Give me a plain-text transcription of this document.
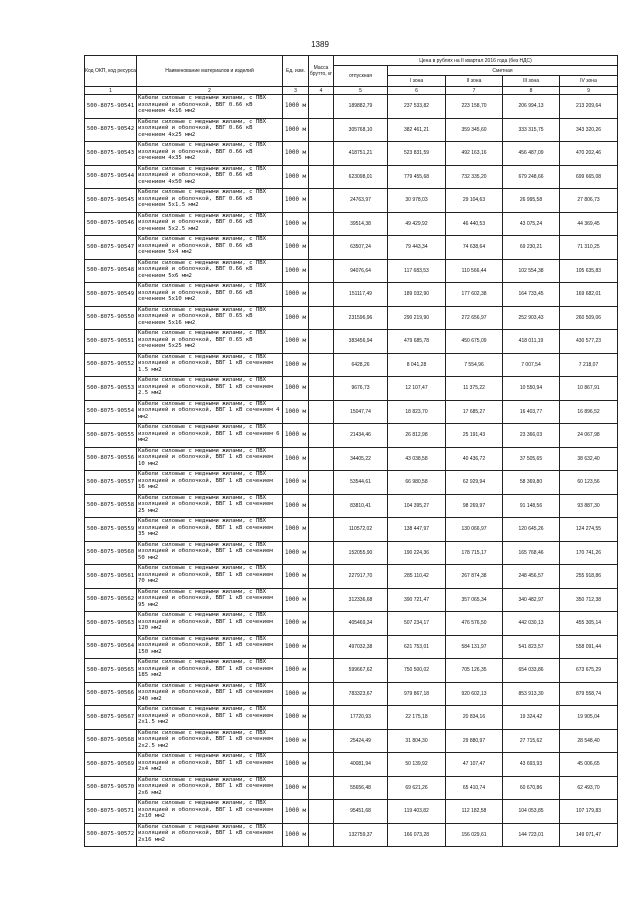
1389
Код ОКП, код ресурса	Наименование материалов и изделий	Ед. изм.	Масса брутто, кг	Цена в рублях на II квартал 2016 года (без НДС)				
				отпускная	Сметная			
					I зона	II зона	III зона	IV зона
1	2	3	4	5	6	7	8	9
500-8075-90541	Кабели силовые с медными жилами, с ПВХ изоляцией и оболочкой, ВВГ 0.66 кВ сечением 4х16 мм2	1000 м		189882,79	237 533,82	223 158,70	206 994,13	213 209,64
500-8075-90542	Кабели силовые с медными жилами, с ПВХ изоляцией и оболочкой, ВВГ 0.66 кВ сечением 4х25 мм2	1000 м		305768,10	382 461,21	359 345,60	333 315,75	343 320,26
500-8075-90543	Кабели силовые с медными жилами, с ПВХ изоляцией и оболочкой, ВВГ 0.66 кВ сечением 4х35 мм2	1000 м		418751,21	523 831,59	492 163,16	456 487,09	470 202,46
500-8075-90544	Кабели силовые с медными жилами, с ПВХ изоляцией и оболочкой, ВВГ 0.66 кВ сечением 4х50 мм2	1000 м		623098,01	779 455,68	732 335,20	679 248,66	699 665,08
500-8075-90545	Кабели силовые с медными жилами, с ПВХ изоляцией и оболочкой, ВВГ 0.66 кВ сечением 5х1.5 мм2	1000 м		24763,97	30 978,03	29 104,63	26 995,58	27 806,73
500-8075-90546	Кабели силовые с медными жилами, с ПВХ изоляцией и оболочкой, ВВГ 0.66 кВ сечением 5х2.5 мм2	1000 м		39514,38	49 429,92	46 440,53	43 075,24	44 369,45
500-8075-90547	Кабели силовые с медными жилами, с ПВХ изоляцией и оболочкой, ВВГ 0.66 кВ сечением 5х4 мм2	1000 м		63507,24	79 443,34	74 638,64	69 230,21	71 310,25
500-8075-90548	Кабели силовые с медными жилами, с ПВХ изоляцией и оболочкой, ВВГ 0.66 кВ сечением 5х6 мм2	1000 м		94076,64	117 683,53	110 566,44	102 554,38	105 635,83
500-8075-90549	Кабели силовые с медными жилами, с ПВХ изоляцией и оболочкой, ВВГ 0.66 кВ сечением 5х10 мм2	1000 м		151117,49	189 032,90	177 602,38	164 733,45	169 682,01
500-8075-90550	Кабели силовые с медными жилами, с ПВХ изоляцией и оболочкой, ВВГ 0.65 кВ сечением 5х16 мм2	1000 м		231596,96	290 219,90	272 656,97	252 903,43	260 509,06
500-8075-90551	Кабели силовые с медными жилами, с ПВХ изоляцией и оболочкой, ВВГ 0.65 кВ сечением 5х25 мм2	1000 м		383456,94	479 685,78	450 675,09	418 011,19	430 577,23
500-8075-90552	Кабели силовые с медными жилами, с ПВХ изоляцией и оболочкой, ВВГ 1 кВ сечением 1.5 мм2	1000 м		6428,26	8 041,28	7 554,96	7 007,54	7 218,07
500-8075-90553	Кабели силовые с медными жилами, с ПВХ изоляцией и оболочкой, ВВГ 1 кВ сечением 2.5 мм2	1000 м		9676,73	12 107,47	11 375,22	10 550,94	10 867,91
500-8075-90554	Кабели силовые с медными жилами, с ПВХ изоляцией и оболочкой, ВВГ 1 кВ сечением 4 мм2	1000 м		15047,74	18 823,70	17 685,27	16 403,77	16 896,52
500-8075-90555	Кабели силовые с медными жилами, с ПВХ изоляцией и оболочкой, ВВГ 1 кВ сечением 6 мм2	1000 м		21434,46	26 812,98	25 191,43	23 366,03	24 067,98
500-8075-90556	Кабели силовые с медными жилами, с ПВХ изоляцией и оболочкой, ВВГ 1 кВ сечением 10 мм2	1000 м		34405,22	43 038,58	40 436,72	37 505,65	38 632,40
500-8075-90557	Кабели силовые с медными жилами, с ПВХ изоляцией и оболочкой, ВВГ 1 кВ сечением 16 мм2	1000 м		53544,61	66 980,58	62 929,94	58 369,80	60 123,56
500-8075-90558	Кабели силовые с медными жилами, с ПВХ изоляцией и оболочкой, ВВГ 1 кВ сечением 25 мм2	1000 м		83810,41	104 395,27	98 269,97	91 148,56	93 887,30
500-8075-90559	Кабели силовые с медными жилами, с ПВХ изоляцией и оболочкой, ВВГ 1 кВ сечением 35 мм2	1000 м		110572,02	138 447,97	130 066,97	120 645,26	124 274,55
500-8075-90560	Кабели силовые с медными жилами, с ПВХ изоляцией и оболочкой, ВВГ 1 кВ сечением 50 мм2	1000 м		152055,90	190 224,36	178 715,17	165 768,46	170 741,26
500-8075-90561	Кабели силовые с медными жилами, с ПВХ изоляцией и оболочкой, ВВГ 1 кВ сечением 70 мм2	1000 м		227917,70	285 110,42	267 874,38	248 456,57	255 918,86
500-8075-90562	Кабели силовые с медными жилами, с ПВХ изоляцией и оболочкой, ВВГ 1 кВ сечением 95 мм2	1000 м		312336,68	390 721,47	357 065,34	340 482,97	350 712,38
500-8075-90563	Кабели силовые с медными жилами, с ПВХ изоляцией и оболочкой, ВВГ 1 кВ сечением 120 мм2	1000 м		405469,34	507 234,17	476 576,50	442 030,13	455 305,14
500-8075-90564	Кабели силовые с медными жилами, с ПВХ изоляцией и оболочкой, ВВГ 1 кВ сечением 150 мм2	1000 м		497032,38	621 753,01	584 131,97	541 823,57	558 091,44
500-8075-90565	Кабели силовые с медными жилами, с ПВХ изоляцией и оболочкой, ВВГ 1 кВ сечением 185 мм2	1000 м		599667,62	750 500,02	705 126,35	654 033,86	673 675,29
500-8075-90566	Кабели силовые с медными жилами, с ПВХ изоляцией и оболочкой, ВВГ 1 кВ сечением 240 мм2	1000 м		783323,67	979 867,18	920 602,13	853 913,30	879 558,74
500-8075-90567	Кабели силовые с медными жилами, с ПВХ изоляцией и оболочкой, ВВГ 1 кВ сечением 2х1.5 мм2	1000 м		17720,93	22 175,18	20 834,16	19 324,42	19 905,04
500-8075-90568	Кабели силовые с медными жилами, с ПВХ изоляцией и оболочкой, ВВГ 1 кВ сечением 2х2.5 мм2	1000 м		25424,49	31 804,30	29 880,97	27 715,62	28 548,40
500-8075-90569	Кабели силовые с медными жилами, с ПВХ изоляцией и оболочкой, ВВГ 1 кВ сечением 2х4 мм2	1000 м		40081,94	50 139,92	47 107,47	43 693,93	45 006,65
500-8075-90570	Кабели силовые с медными жилами, с ПВХ изоляцией и оболочкой, ВВГ 1 кВ сечением 2х6 мм2	1000 м		55656,48	69 621,26	65 410,74	60 670,86	62 493,70
500-8075-90571	Кабели силовые с медными жилами, с ПВХ изоляцией и оболочкой, ВВГ 1 кВ сечением 2х10 мм2	1000 м		95451,68	119 403,82	112 182,58	104 053,85	107 179,83
500-8075-90572	Кабели силовые с медными жилами, с ПВХ изоляцией и оболочкой, ВВГ 1 кВ сечением 2х16 мм2	1000 м		132759,37	166 073,28	156 029,61	144 723,01	149 071,47
